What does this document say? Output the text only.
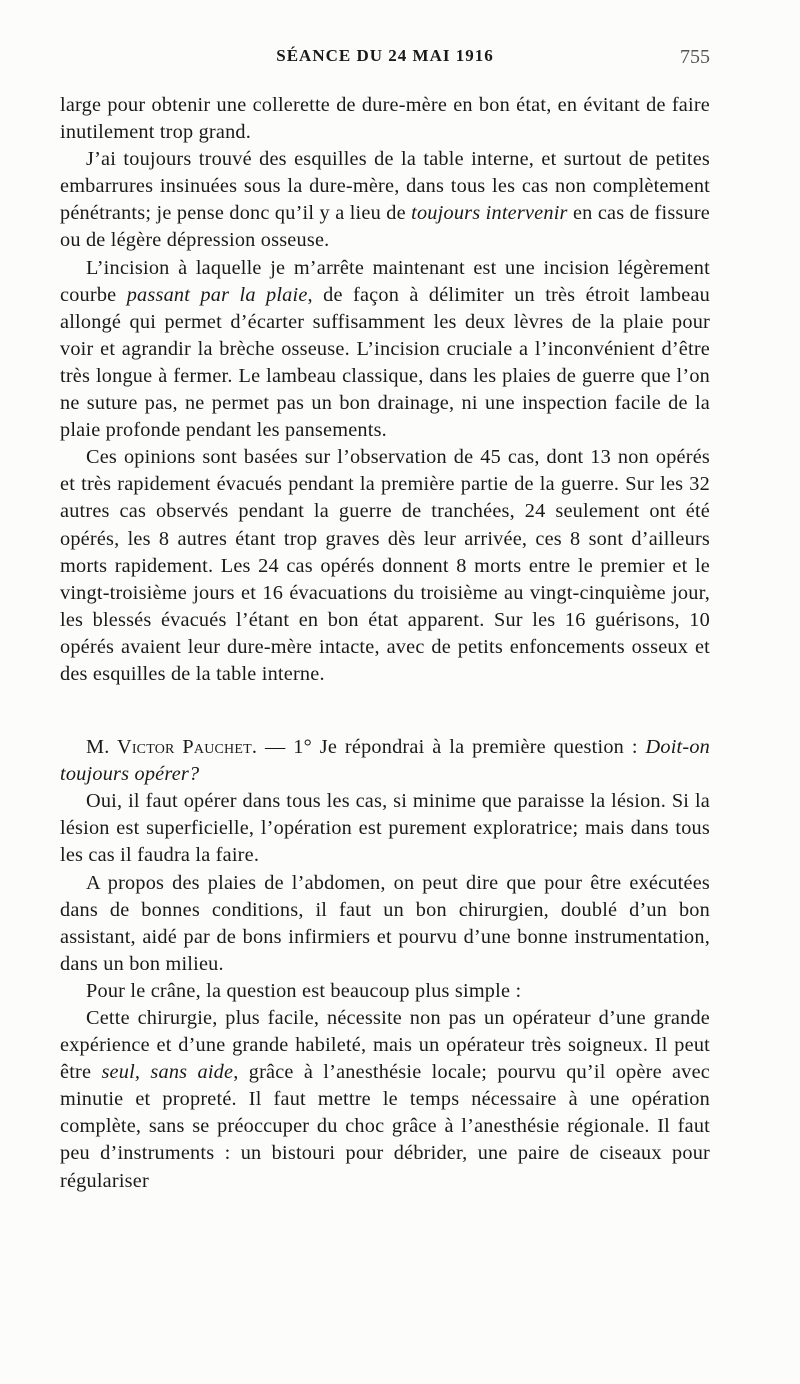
SÉANCE DU 24 MAI 1916	755

large pour obtenir une collerette de dure-mère en bon état, en évitant de faire inutilement trop grand.

J’ai toujours trouvé des esquilles de la table interne, et surtout de petites embarrures insinuées sous la dure-mère, dans tous les cas non complètement pénétrants; je pense donc qu’il y a lieu de toujours intervenir en cas de fissure ou de légère dépression osseuse.

L’incision à laquelle je m’arrête maintenant est une incision légèrement courbe passant par la plaie, de façon à délimiter un très étroit lambeau allongé qui permet d’écarter suffisamment les deux lèvres de la plaie pour voir et agrandir la brèche osseuse. L’incision cruciale a l’inconvénient d’être très longue à fermer. Le lambeau classique, dans les plaies de guerre que l’on ne suture pas, ne permet pas un bon drainage, ni une inspection facile de la plaie profonde pendant les pansements.

Ces opinions sont basées sur l’observation de 45 cas, dont 13 non opérés et très rapidement évacués pendant la première partie de la guerre. Sur les 32 autres cas observés pendant la guerre de tranchées, 24 seulement ont été opérés, les 8 autres étant trop graves dès leur arrivée, ces 8 sont d’ailleurs morts rapidement. Les 24 cas opérés donnent 8 morts entre le premier et le vingt-troisième jours et 16 évacuations du troisième au vingt-cinquième jour, les blessés évacués l’étant en bon état apparent. Sur les 16 guérisons, 10 opérés avaient leur dure-mère intacte, avec de petits enfoncements osseux et des esquilles de la table interne.

M. Victor Pauchet. — 1° Je répondrai à la première question : Doit-on toujours opérer?

Oui, il faut opérer dans tous les cas, si minime que paraisse la lésion. Si la lésion est superficielle, l’opération est purement exploratrice; mais dans tous les cas il faudra la faire.

A propos des plaies de l’abdomen, on peut dire que pour être exécutées dans de bonnes conditions, il faut un bon chirurgien, doublé d’un bon assistant, aidé par de bons infirmiers et pourvu d’une bonne instrumentation, dans un bon milieu.

Pour le crâne, la question est beaucoup plus simple :

Cette chirurgie, plus facile, nécessite non pas un opérateur d’une grande expérience et d’une grande habileté, mais un opérateur très soigneux. Il peut être seul, sans aide, grâce à l’anesthésie locale; pourvu qu’il opère avec minutie et propreté. Il faut mettre le temps nécessaire à une opération complète, sans se préoccuper du choc grâce à l’anesthésie régionale. Il faut peu d’instruments : un bistouri pour débrider, une paire de ciseaux pour régulariser
